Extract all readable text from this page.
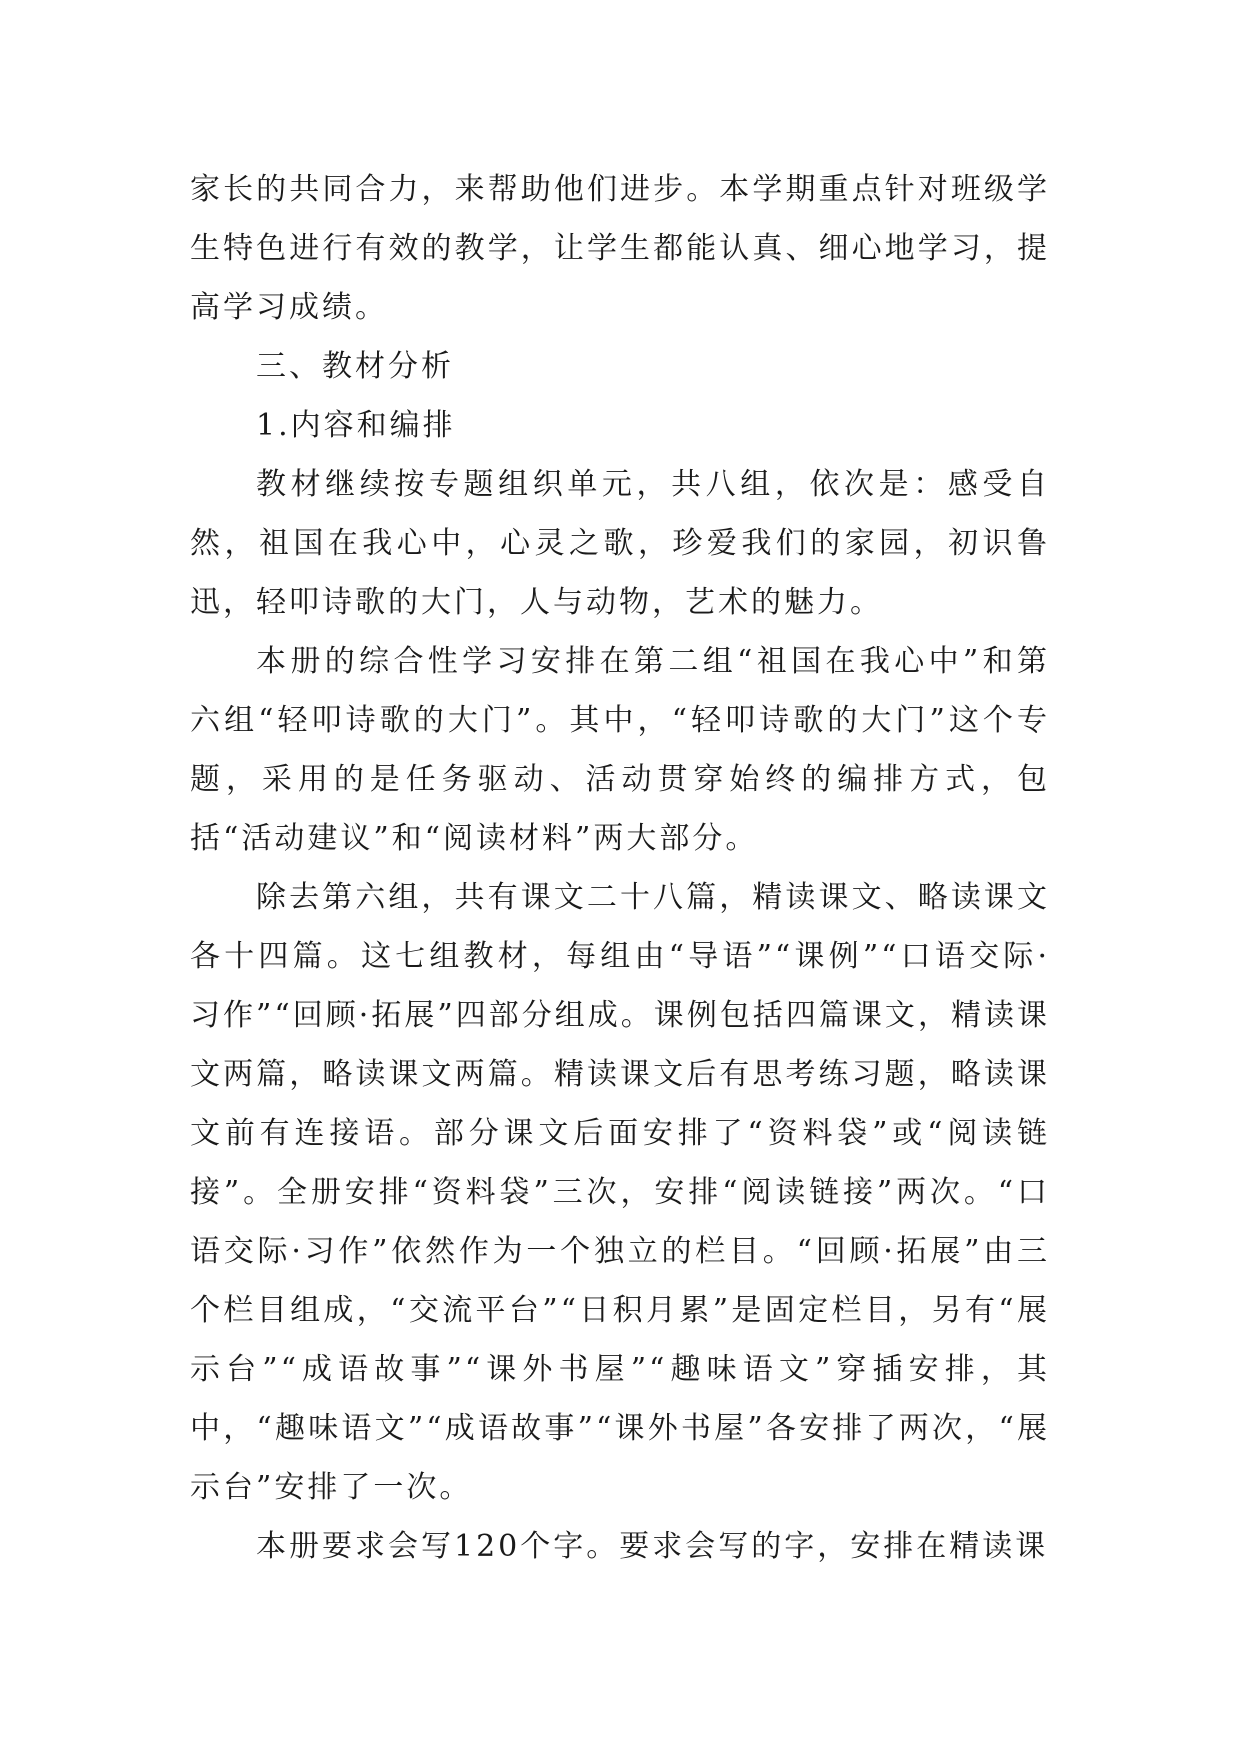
家长的共同合力，来帮助他们进步。本学期重点针对班级学生特色进行有效的教学，让学生都能认真、细心地学习，提高学习成绩。

三、教材分析

1.内容和编排

教材继续按专题组织单元，共八组，依次是：感受自然，祖国在我心中，心灵之歌，珍爱我们的家园，初识鲁迅，轻叩诗歌的大门，人与动物，艺术的魅力。

本册的综合性学习安排在第二组“祖国在我心中”和第六组“轻叩诗歌的大门”。其中，“轻叩诗歌的大门”这个专题，采用的是任务驱动、活动贯穿始终的编排方式，包括“活动建议”和“阅读材料”两大部分。

除去第六组，共有课文二十八篇，精读课文、略读课文各十四篇。这七组教材，每组由“导语”“课例”“口语交际·习作”“回顾·拓展”四部分组成。课例包括四篇课文，精读课文两篇，略读课文两篇。精读课文后有思考练习题，略读课文前有连接语。部分课文后面安排了“资料袋”或“阅读链接”。全册安排“资料袋”三次，安排“阅读链接”两次。“口语交际·习作”依然作为一个独立的栏目。“回顾·拓展”由三个栏目组成，“交流平台”“日积月累”是固定栏目，另有“展示台”“成语故事”“课外书屋”“趣味语文”穿插安排，其中，“趣味语文”“成语故事”“课外书屋”各安排了两次，“展示台”安排了一次。

本册要求会写120个字。要求会写的字，安排在精读课
